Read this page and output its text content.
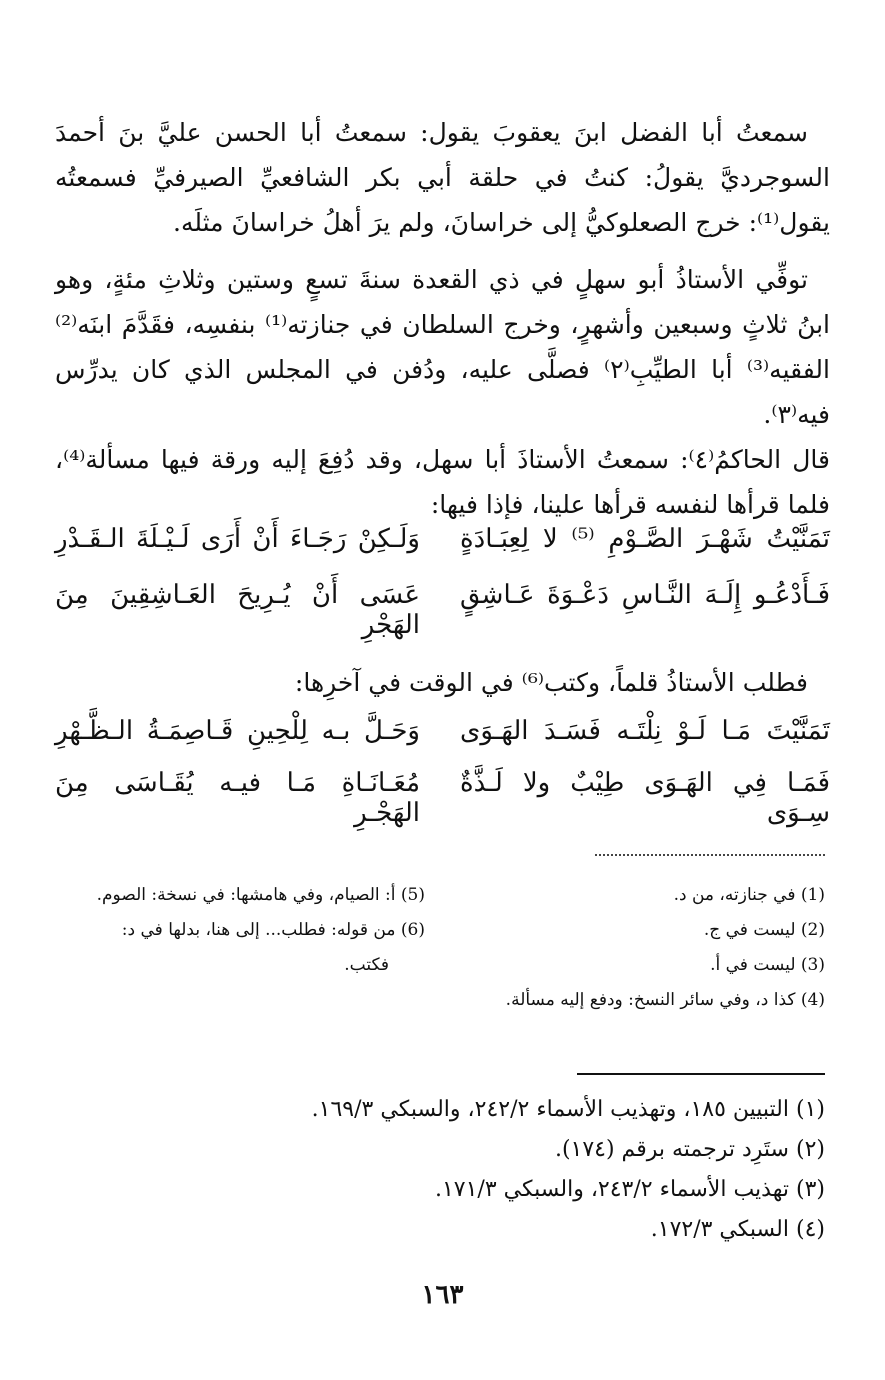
سمعتُ أبا الفضل ابنَ يعقوبَ يقول: سمعتُ أبا الحسن عليَّ بنَ أحمدَ السوجرديَّ يقولُ: كنتُ في حلقة أبي بكر الشافعيِّ الصيرفيِّ فسمعتُه يقول⁽¹⁾: خرج الصعلوكيُّ إلى خراسانَ، ولم يرَ أهلُ خراسانَ مثلَه.

توفِّي الأستاذُ أبو سهلٍ في ذي القعدة سنةَ تسعٍ وستين وثلاثِ مئةٍ، وهو ابنُ ثلاثٍ وسبعين وأشهرٍ، وخرج السلطان في جنازته⁽¹⁾ بنفسِه، فقَدَّمَ ابنَه⁽²⁾ الفقيه⁽³⁾ أبا الطيِّبِ⁽٢⁾ فصلَّى عليه، ودُفن في المجلس الذي كان يدرِّس فيه⁽٣⁾.

قال الحاكمُ⁽٤⁾: سمعتُ الأستاذَ أبا سهل، وقد دُفِعَ إليه ورقة فيها مسألة⁽⁴⁾، فلما قرأها لنفسه قرأها علينا، فإذا فيها:

تَمَنَّيْتُ شَهْـرَ الصَّـوْمِ ⁽⁵⁾ لا لِعِبَـادَةٍ
وَلَـكِنْ رَجَـاءَ أَنْ أَرَى لَـيْـلَةَ الـقَـدْرِ
فَـأَدْعُـو إِلَـهَ النَّـاسِ دَعْـوَةَ عَـاشِقٍ
عَسَى أَنْ يُـرِيحَ العَـاشِقِينَ مِنَ الهَجْرِ

فطلب الأستاذُ قلماً، وكتب⁽⁶⁾ في الوقت في آخرِها:

تَمَنَّيْتَ مَـا لَـوْ نِلْتَـه فَسَـدَ الهَـوَى
وَحَـلَّ بـه لِلْحِينِ قَـاصِمَـةُ الـظَّـهْرِ
فَمَـا فِي الهَـوَى طِيْبٌ ولا لَـذَّةٌ سِـوَى
مُعَـانَـاةِ مَـا فيـه يُقَـاسَى مِنَ الهَجْـرِ
(1) في جنازته، من د.
(2) ليست في ج.
(3) ليست في أ.
(4) كذا د، وفي سائر النسخ: ودفع إليه مسألة.
(5) أ: الصيام، وفي هامشها: في نسخة: الصوم.
(6) من قوله: فطلب... إلى هنا، بدلها في د:
فكتب.
(١) التبيين ١٨٥، وتهذيب الأسماء ٢٤٢/٢، والسبكي ١٦٩/٣.
(٢) ستَرِد ترجمته برقم (١٧٤).
(٣) تهذيب الأسماء ٢٤٣/٢، والسبكي ١٧١/٣.
(٤) السبكي ١٧٢/٣.
١٦٣
